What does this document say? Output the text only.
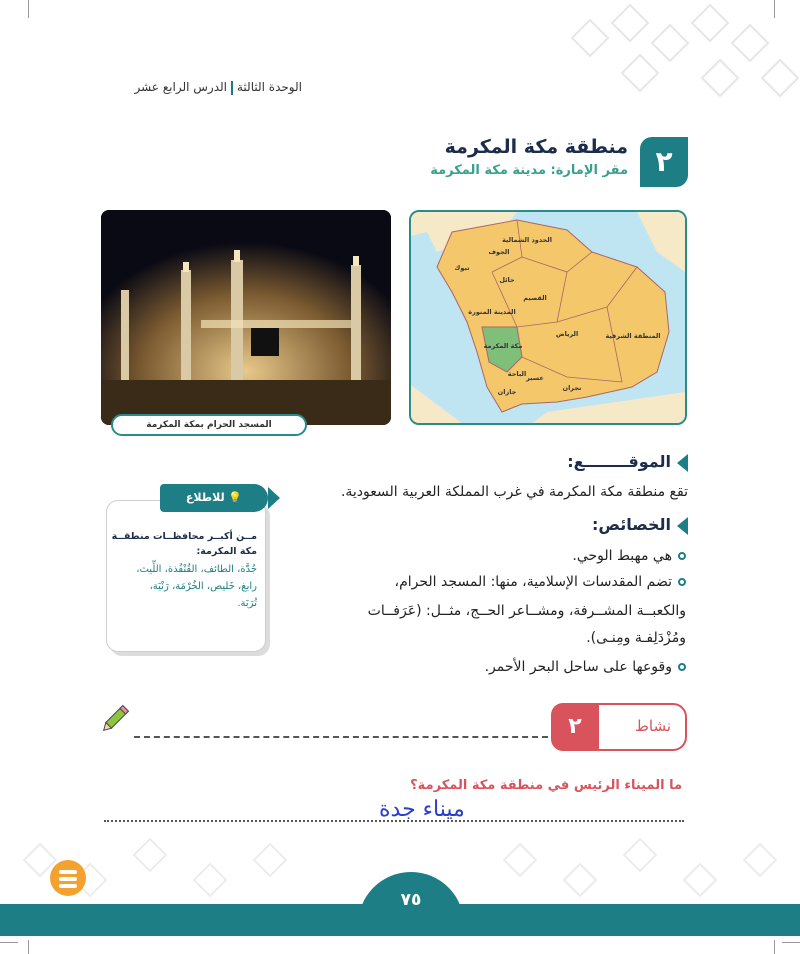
الوحدة الثالثةالدرس الرابع عشر
٢
منطقة مكة المكرمة
مقر الإمارة: مدينة مكة المكرمة
الحدود الشمالية
الجوف
تبوك
حائل
القصيم
المدينة المنورة
الرياض	المنطقة الشرقية
مكة المكرمة
الباحة عسير
جازان	نجران
المسجد الحرام بمكة المكرمة
الموقــــــــع:
تقع منطقة مكة المكرمة في غرب المملكة العربية السعودية.
الخصائص:
هي مهبط الوحي.
تضم المقدسات الإسلامية، منها: المسجد الحرام،
والكعبــة المشــرفة، ومشــاعر الحــج، مثــل: (عَرَفــات
ومُزْدَلِفـة ومِنـى).
وقوعها على ساحل البحر الأحمر.
مــن أكبــر محافظــات منطقــة
مكة المكرمة:
جُدَّة، الطائف، القُنْفُذة، اللِّيث،
رابغ، خَليص، الخُرْمَة، رَنْيَة،
تُرَبَة.
💡 للاطلاع
نشاط
٢
ما الميناء الرئيس في منطقة مكة المكرمة؟
ميناء جدة
٧٥
